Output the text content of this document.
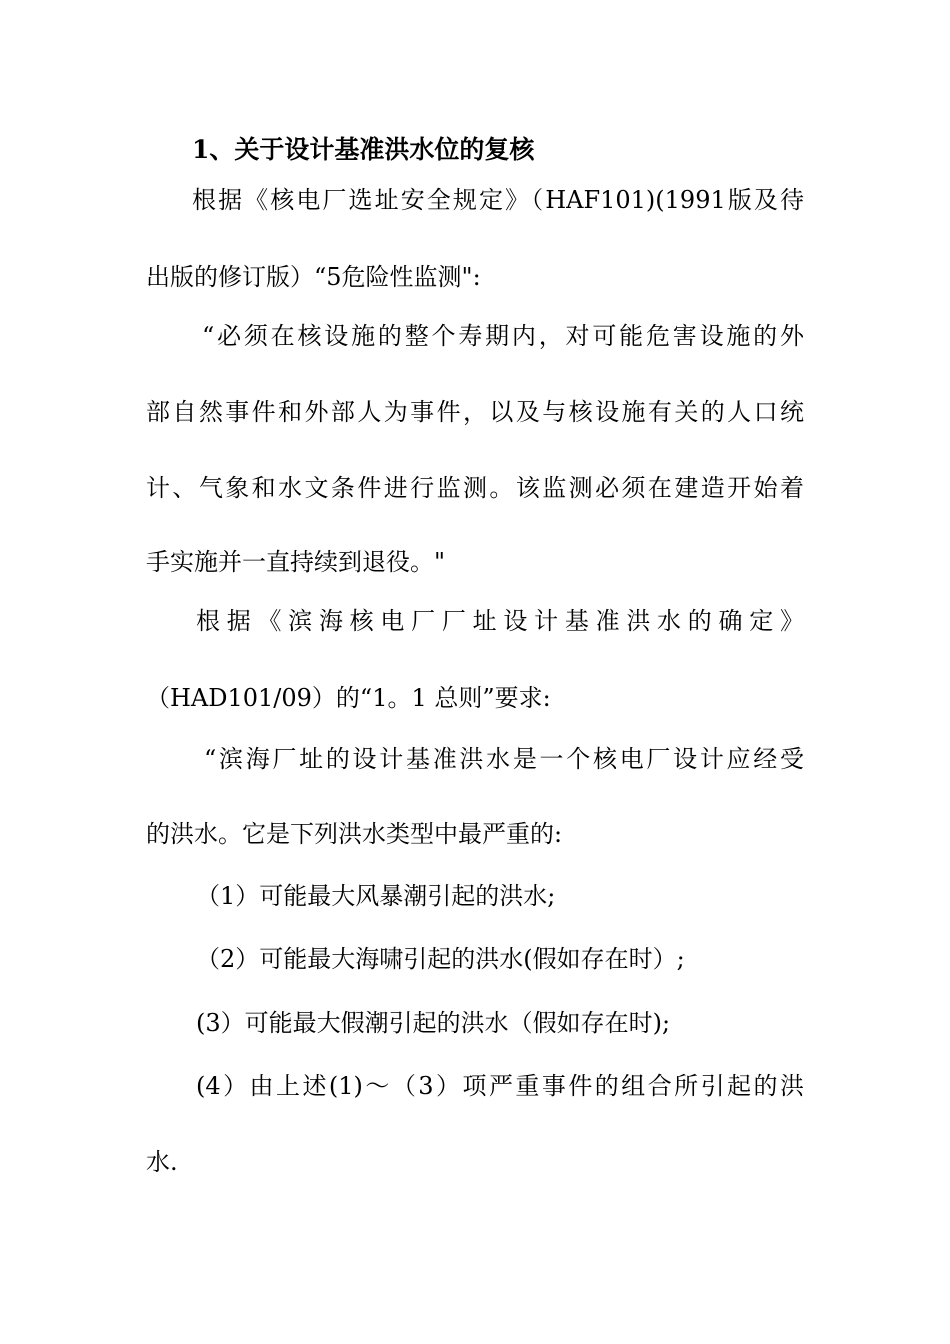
1、关于设计基准洪水位的复核
根据《核电厂选址安全规定》（HAF101)(1991版及待
出版的修订版）“5危险性监测":
“必须在核设施的整个寿期内，对可能危害设施的外
部自然事件和外部人为事件，以及与核设施有关的人口统
计、气象和水文条件进行监测。该监测必须在建造开始着
手实施并一直持续到退役。"
根据《滨海核电厂厂址设计基准洪水的确定》
（HAD101/09）的“1。1 总则”要求:
“滨海厂址的设计基准洪水是一个核电厂设计应经受
的洪水。它是下列洪水类型中最严重的:
（1）可能最大风暴潮引起的洪水;
（2）可能最大海啸引起的洪水(假如存在时）;
(3）可能最大假潮引起的洪水（假如存在时);
(4）由上述(1)～（3）项严重事件的组合所引起的洪
水.
